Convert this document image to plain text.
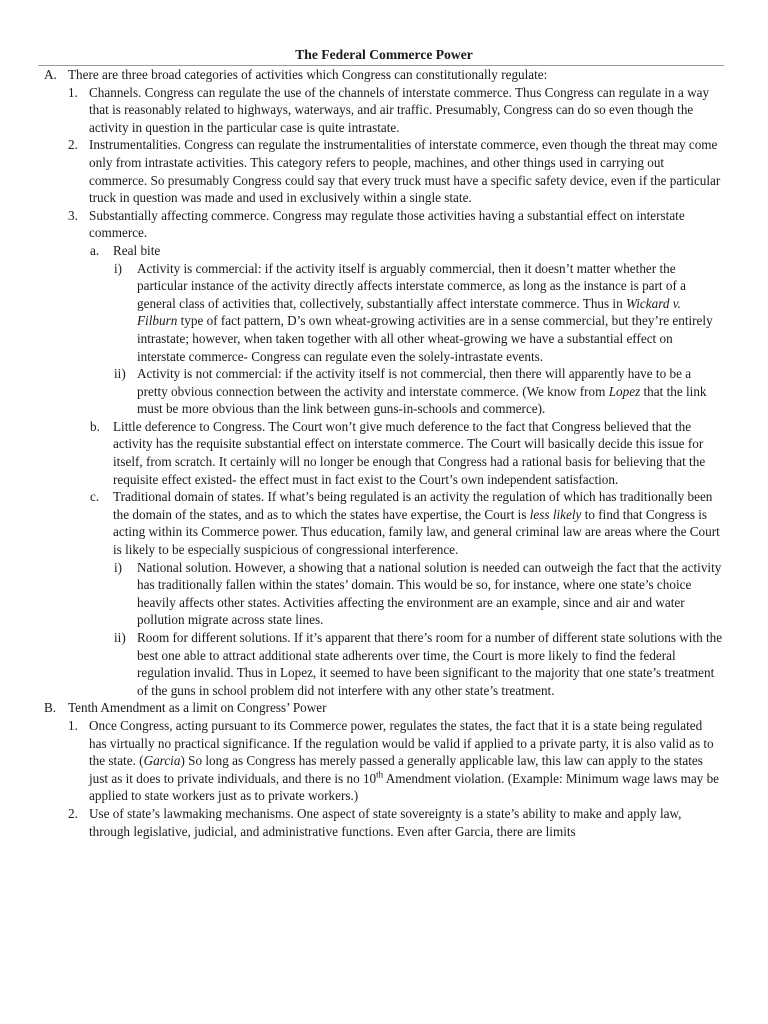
The Federal Commerce Power
A. There are three broad categories of activities which Congress can constitutionally regulate:
1. Channels. Congress can regulate the use of the channels of interstate commerce. Thus Congress can regulate in a way that is reasonably related to highways, waterways, and air traffic. Presumably, Congress can do so even though the activity in question in the particular case is quite intrastate.
2. Instrumentalities. Congress can regulate the instrumentalities of interstate commerce, even though the threat may come only from intrastate activities. This category refers to people, machines, and other things used in carrying out commerce. So presumably Congress could say that every truck must have a specific safety device, even if the particular truck in question was made and used in exclusively within a single state.
3. Substantially affecting commerce. Congress may regulate those activities having a substantial effect on interstate commerce.
a. Real bite
i) Activity is commercial: if the activity itself is arguably commercial, then it doesn’t matter whether the particular instance of the activity directly affects interstate commerce, as long as the instance is part of a general class of activities that, collectively, substantially affect interstate commerce. Thus in Wickard v. Filburn type of fact pattern, D’s own wheat-growing activities are in a sense commercial, but they’re entirely intrastate; however, when taken together with all other wheat-growing we have a substantial effect on interstate commerce- Congress can regulate even the solely-intrastate events.
ii) Activity is not commercial: if the activity itself is not commercial, then there will apparently have to be a pretty obvious connection between the activity and interstate commerce. (We know from Lopez that the link must be more obvious than the link between guns-in-schools and commerce).
b. Little deference to Congress. The Court won’t give much deference to the fact that Congress believed that the activity has the requisite substantial effect on interstate commerce. The Court will basically decide this issue for itself, from scratch. It certainly will no longer be enough that Congress had a rational basis for believing that the requisite effect existed- the effect must in fact exist to the Court’s own independent satisfaction.
c. Traditional domain of states. If what’s being regulated is an activity the regulation of which has traditionally been the domain of the states, and as to which the states have expertise, the Court is less likely to find that Congress is acting within its Commerce power. Thus education, family law, and general criminal law are areas where the Court is likely to be especially suspicious of congressional interference.
i) National solution. However, a showing that a national solution is needed can outweigh the fact that the activity has traditionally fallen within the states’ domain. This would be so, for instance, where one state’s choice heavily affects other states. Activities affecting the environment are an example, since and air and water pollution migrate across state lines.
ii) Room for different solutions. If it’s apparent that there’s room for a number of different state solutions with the best one able to attract additional state adherents over time, the Court is more likely to find the federal regulation invalid. Thus in Lopez, it seemed to have been significant to the majority that one state’s treatment of the guns in school problem did not interfere with any other state’s treatment.
B. Tenth Amendment as a limit on Congress’ Power
1. Once Congress, acting pursuant to its Commerce power, regulates the states, the fact that it is a state being regulated has virtually no practical significance. If the regulation would be valid if applied to a private party, it is also valid as to the state. (Garcia) So long as Congress has merely passed a generally applicable law, this law can apply to the states just as it does to private individuals, and there is no 10th Amendment violation. (Example: Minimum wage laws may be applied to state workers just as to private workers.)
2. Use of state’s lawmaking mechanisms. One aspect of state sovereignty is a state’s ability to make and apply law, through legislative, judicial, and administrative functions. Even after Garcia, there are limits
